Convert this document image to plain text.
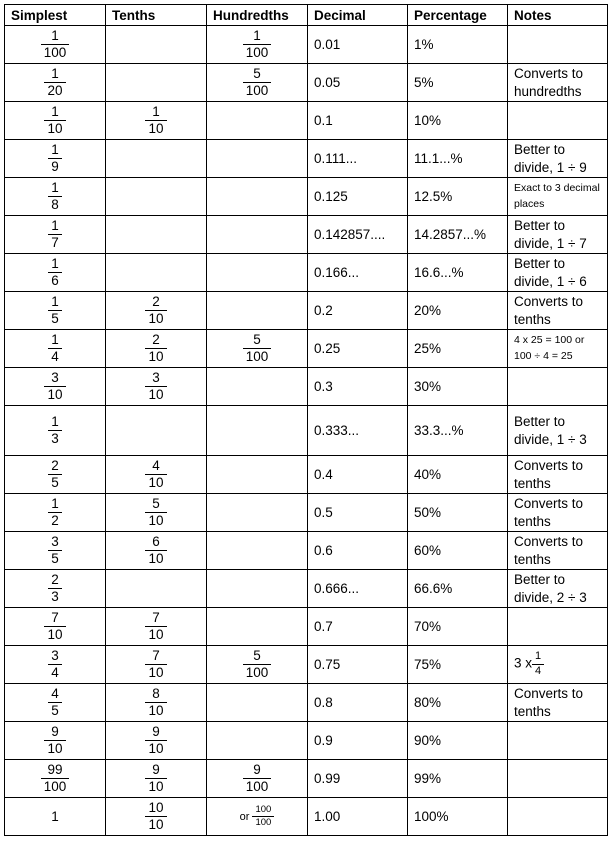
Simplest	Tenths	Hundredths	Decimal	Percentage	Notes

$\frac{1}{100}$		$\frac{1}{100}$	0.01	1%	

$\frac{1}{20}$		$\frac{5}{100}$	0.05	5%	Converts to hundredths

$\frac{1}{10}$	$\frac{1}{10}$		0.1	10%	

$\frac{1}{9}$			0.111...	11.1...%	Better to divide, 1 ÷ 9

$\frac{1}{8}$			0.125	12.5%	Exact to 3 decimal places

$\frac{1}{7}$			0.142857....	14.2857...%	Better to divide, 1 ÷ 7

$\frac{1}{6}$			0.166...	16.6...%	Better to divide, 1 ÷ 6

$\frac{1}{5}$	$\frac{2}{10}$		0.2	20%	Converts to tenths

$\frac{1}{4}$	$\frac{2}{10}$	$\frac{5}{100}$	0.25	25%	4 x 25 = 100 or 100 ÷ 4 = 25

$\frac{3}{10}$	$\frac{3}{10}$		0.3	30%	

$\frac{1}{3}$			0.333...	33.3...%	Better to divide, 1 ÷ 3

$\frac{2}{5}$	$\frac{4}{10}$		0.4	40%	Converts to tenths

$\frac{1}{2}$	$\frac{5}{10}$		0.5	50%	Converts to tenths

$\frac{3}{5}$	$\frac{6}{10}$		0.6	60%	Converts to tenths

$\frac{2}{3}$			0.666...	66.6%	Better to divide, 2 ÷ 3

$\frac{7}{10}$	$\frac{7}{10}$		0.7	70%	

$\frac{3}{4}$	$\frac{7}{10}$	$\frac{5}{100}$	0.75	75%	3 x $\frac{1}{4}$

$\frac{4}{5}$	$\frac{8}{10}$		0.8	80%	Converts to tenths

$\frac{9}{10}$	$\frac{9}{10}$		0.9	90%	

$\frac{99}{100}$	$\frac{9}{10}$	$\frac{9}{100}$	0.99	99%	
1	$\frac{10}{10}$	or $\frac{100}{100}$	1.00	100%	
